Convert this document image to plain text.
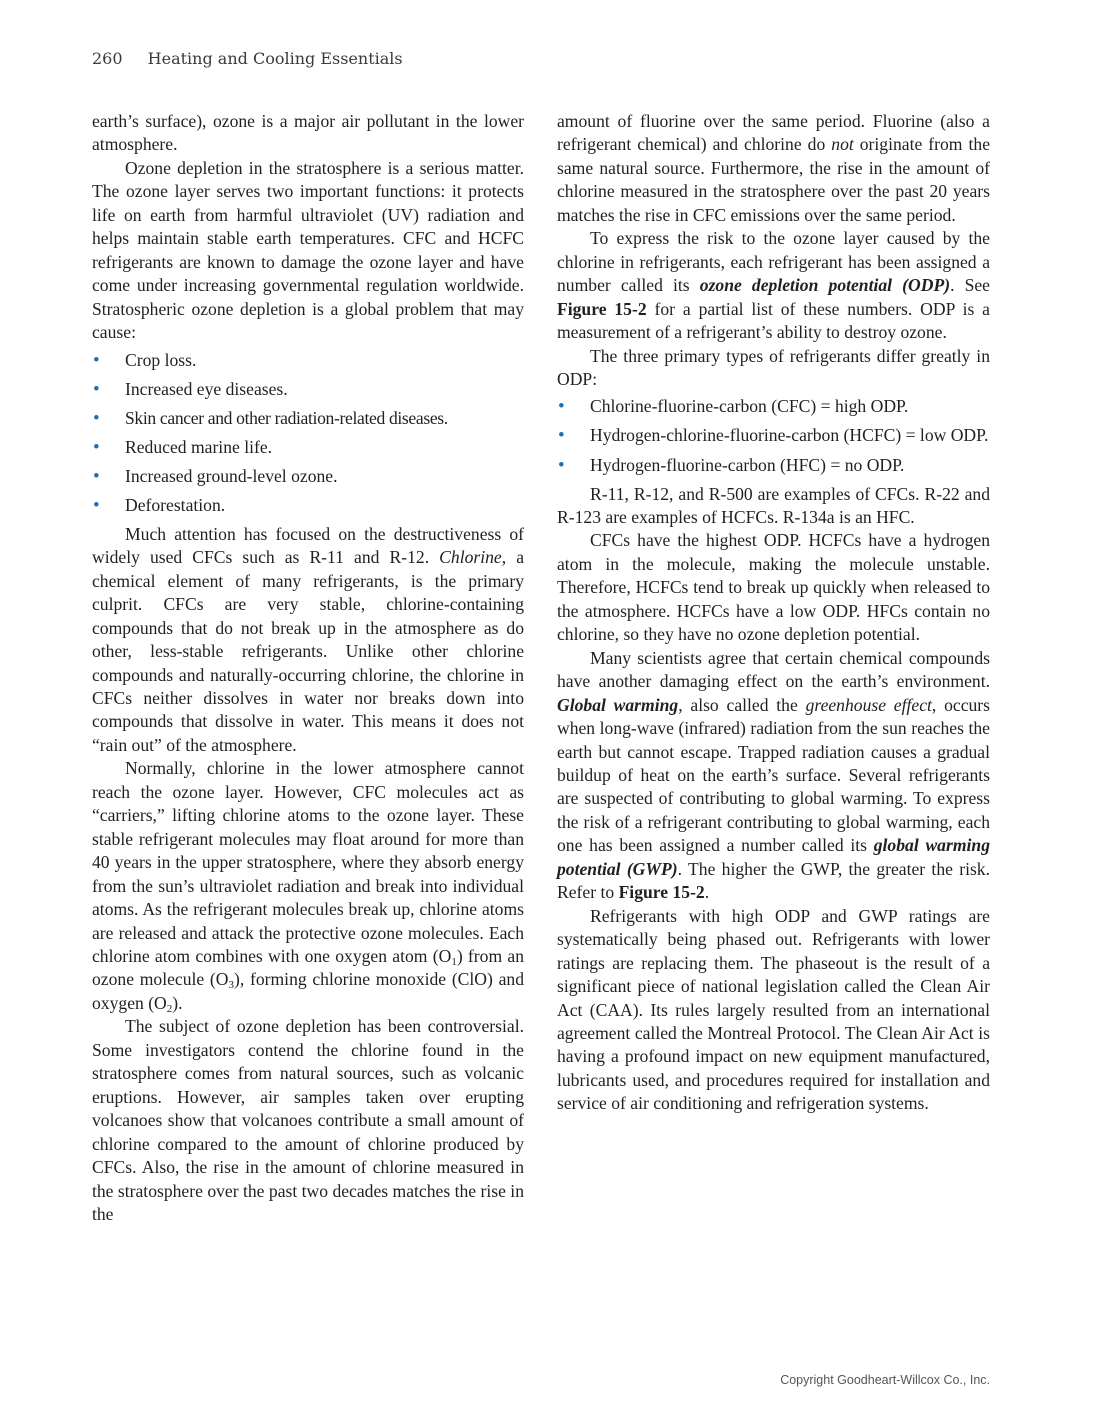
260 Heating and Cooling Essentials

earth’s surface), ozone is a major air pollutant in the lower atmosphere.

Ozone depletion in the stratosphere is a serious matter. The ozone layer serves two important functions: it protects life on earth from harmful ultraviolet (UV) radiation and helps maintain stable earth temperatures. CFC and HCFC refrigerants are known to damage the ozone layer and have come under increasing governmental regulation worldwide. Stratospheric ozone depletion is a global problem that may cause:

• Crop loss.
• Increased eye diseases.
• Skin cancer and other radiation-related diseases.
• Reduced marine life.
• Increased ground-level ozone.
• Deforestation.

Much attention has focused on the destructiveness of widely used CFCs such as R-11 and R-12. Chlorine, a chemical element of many refrigerants, is the primary culprit. CFCs are very stable, chlorine-containing compounds that do not break up in the atmosphere as do other, less-stable refrigerants. Unlike other chlorine compounds and naturally-occurring chlorine, the chlorine in CFCs neither dissolves in water nor breaks down into compounds that dissolve in water. This means it does not “rain out” of the atmosphere.

Normally, chlorine in the lower atmosphere cannot reach the ozone layer. However, CFC molecules act as “carriers,” lifting chlorine atoms to the ozone layer. These stable refrigerant molecules may float around for more than 40 years in the upper stratosphere, where they absorb energy from the sun’s ultraviolet radiation and break into individual atoms. As the refrigerant molecules break up, chlorine atoms are released and attack the protective ozone molecules. Each chlorine atom combines with one oxygen atom $(O_1)$ from an ozone molecule $(O_3)$, forming chlorine monoxide (ClO) and oxygen $(O_2)$.

The subject of ozone depletion has been controversial. Some investigators contend the chlorine found in the stratosphere comes from natural sources, such as volcanic eruptions. However, air samples taken over erupting volcanoes show that volcanoes contribute a small amount of chlorine compared to the amount of chlorine produced by CFCs. Also, the rise in the amount of chlorine measured in the stratosphere over the past two decades matches the rise in the

amount of fluorine over the same period. Fluorine (also a refrigerant chemical) and chlorine do not originate from the same natural source. Furthermore, the rise in the amount of chlorine measured in the stratosphere over the past 20 years matches the rise in CFC emissions over the same period.

To express the risk to the ozone layer caused by the chlorine in refrigerants, each refrigerant has been assigned a number called its ozone depletion potential (ODP). See Figure 15-2 for a partial list of these numbers. ODP is a measurement of a refrigerant’s ability to destroy ozone.

The three primary types of refrigerants differ greatly in ODP:

• Chlorine-fluorine-carbon (CFC) = high ODP.
• Hydrogen-chlorine-fluorine-carbon (HCFC) = low ODP.
• Hydrogen-fluorine-carbon (HFC) = no ODP.

R-11, R-12, and R-500 are examples of CFCs. R-22 and R-123 are examples of HCFCs. R-134a is an HFC.

CFCs have the highest ODP. HCFCs have a hydrogen atom in the molecule, making the molecule unstable. Therefore, HCFCs tend to break up quickly when released to the atmosphere. HCFCs have a low ODP. HFCs contain no chlorine, so they have no ozone depletion potential.

Many scientists agree that certain chemical compounds have another damaging effect on the earth’s environment. Global warming, also called the greenhouse effect, occurs when long-wave (infrared) radiation from the sun reaches the earth but cannot escape. Trapped radiation causes a gradual buildup of heat on the earth’s surface. Several refrigerants are suspected of contributing to global warming. To express the risk of a refrigerant contributing to global warming, each one has been assigned a number called its global warming potential (GWP). The higher the GWP, the greater the risk. Refer to Figure 15-2.

Refrigerants with high ODP and GWP ratings are systematically being phased out. Refrigerants with lower ratings are replacing them. The phaseout is the result of a significant piece of national legislation called the Clean Air Act (CAA). Its rules largely resulted from an international agreement called the Montreal Protocol. The Clean Air Act is having a profound impact on new equipment manufactured, lubricants used, and procedures required for installation and service of air conditioning and refrigeration systems.

Copyright Goodheart-Willcox Co., Inc.
